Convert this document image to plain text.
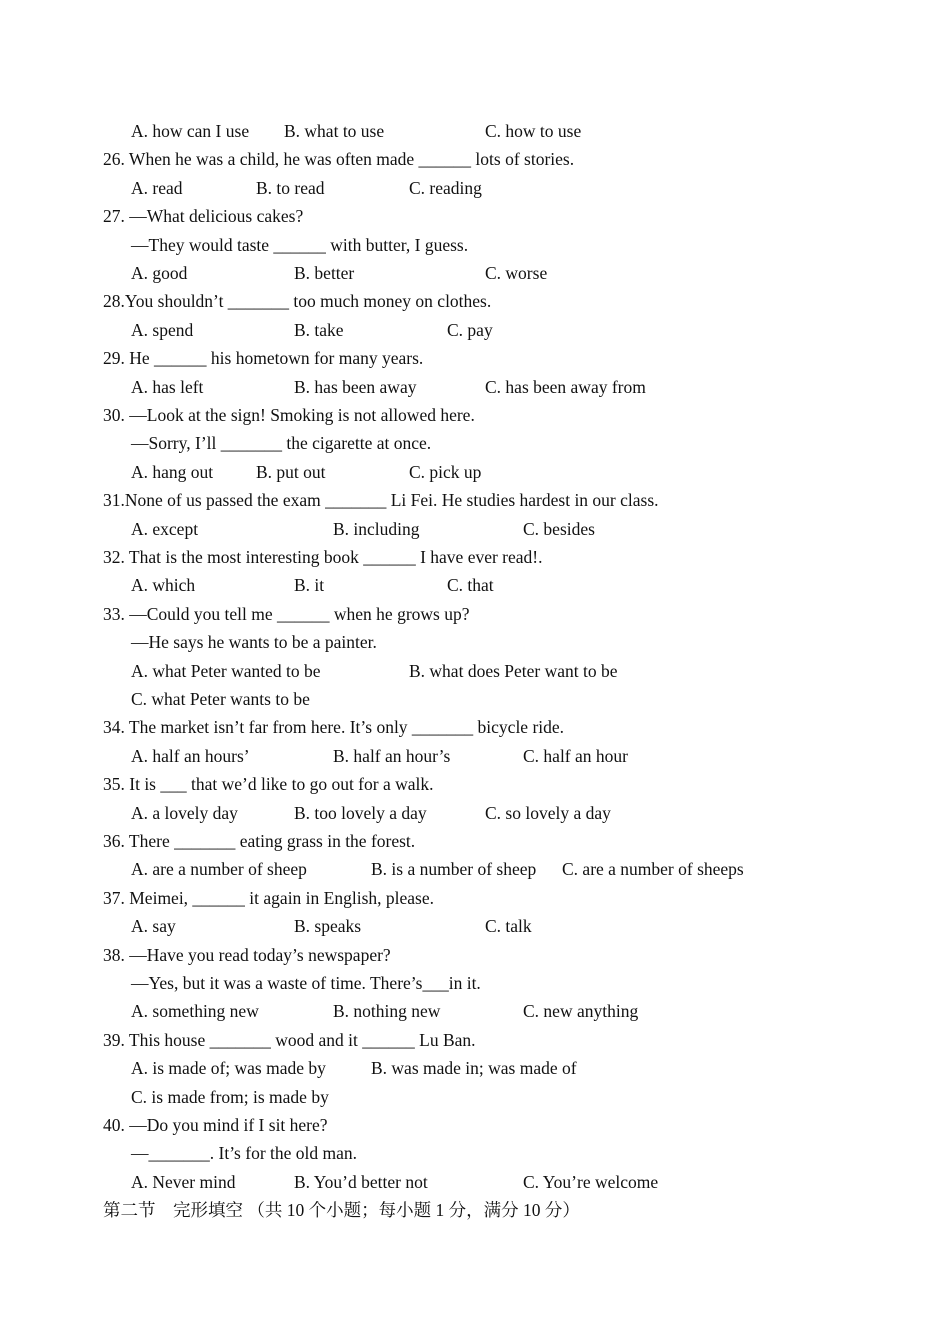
A. how can I use B. what to use	C. how to use
26. When he was a child, he was often made ______ lots of stories.
A. read	B. to read	C. reading
27. —What delicious cakes?
—They would taste ______ with butter, I guess.
A. good	B. better	C. worse
28.You shouldn’t _______ too much money on clothes.
A. spend	B. take	C. pay
29. He ______ his hometown for many years.
A. has left	B. has been away	C. has been away from
30. —Look at the sign! Smoking is not allowed here.
—Sorry, I’ll _______ the cigarette at once.
A. hang out B. put out	C. pick up
31.None of us passed the exam _______ Li Fei. He studies hardest in our class.
A. except	B. including	C. besides
32. That is the most interesting book ______ I have ever read!.
A. which	B. it	C. that
33. —Could you tell me ______ when he grows up?
—He says he wants to be a painter.
A. what Peter wanted to be	B. what does Peter want to be
C. what Peter wants to be
34. The market isn’t far from here. It’s only _______ bicycle ride.
A. half an hours’	B. half an hour’s	C. half an hour
35. It is ___ that we’d like to go out for a walk.
A. a lovely day	B. too lovely a day	C. so lovely a day
36. There _______ eating grass in the forest.
A. are a number of sheep	B. is a number of sheep C. are a number of sheeps
37. Meimei, ______ it again in English, please.
A. say	B. speaks	C. talk
38. —Have you read today’s newspaper?
—Yes, but it was a waste of time. There’s___in it.
A. something new	B. nothing new	C. new anything
39. This house _______ wood and it ______ Lu Ban.
A. is made of; was made by	B. was made in; was made of
C. is made from; is made by
40. —Do you mind if I sit here?
—_______. It’s for the old man.
A. Never mind	B. You’d better not	C. You’re welcome
第二节　完形填空 （共 10 个小题；每小题 1 分，满分 10 分）
